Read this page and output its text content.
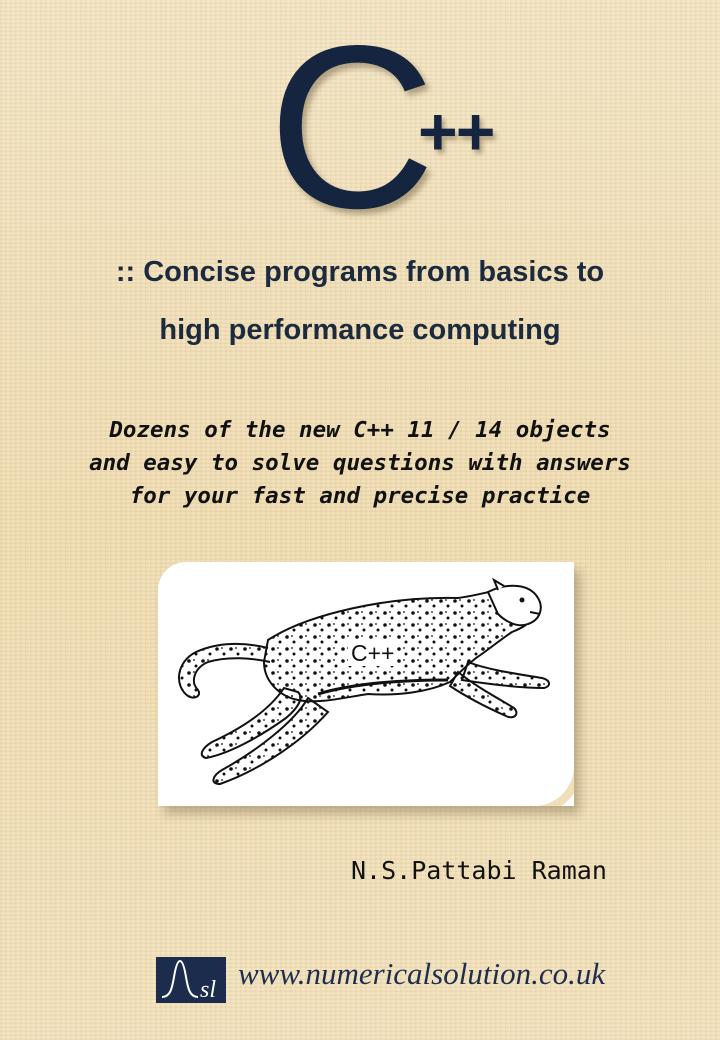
C
++
:: Concise programs from basics to
high performance computing
Dozens of the new C++ 11 / 14 objects
and easy to solve questions with answers
for your fast and precise practice
C++
N.S.Pattabi Raman
sl www.numericalsolution.co.uk
